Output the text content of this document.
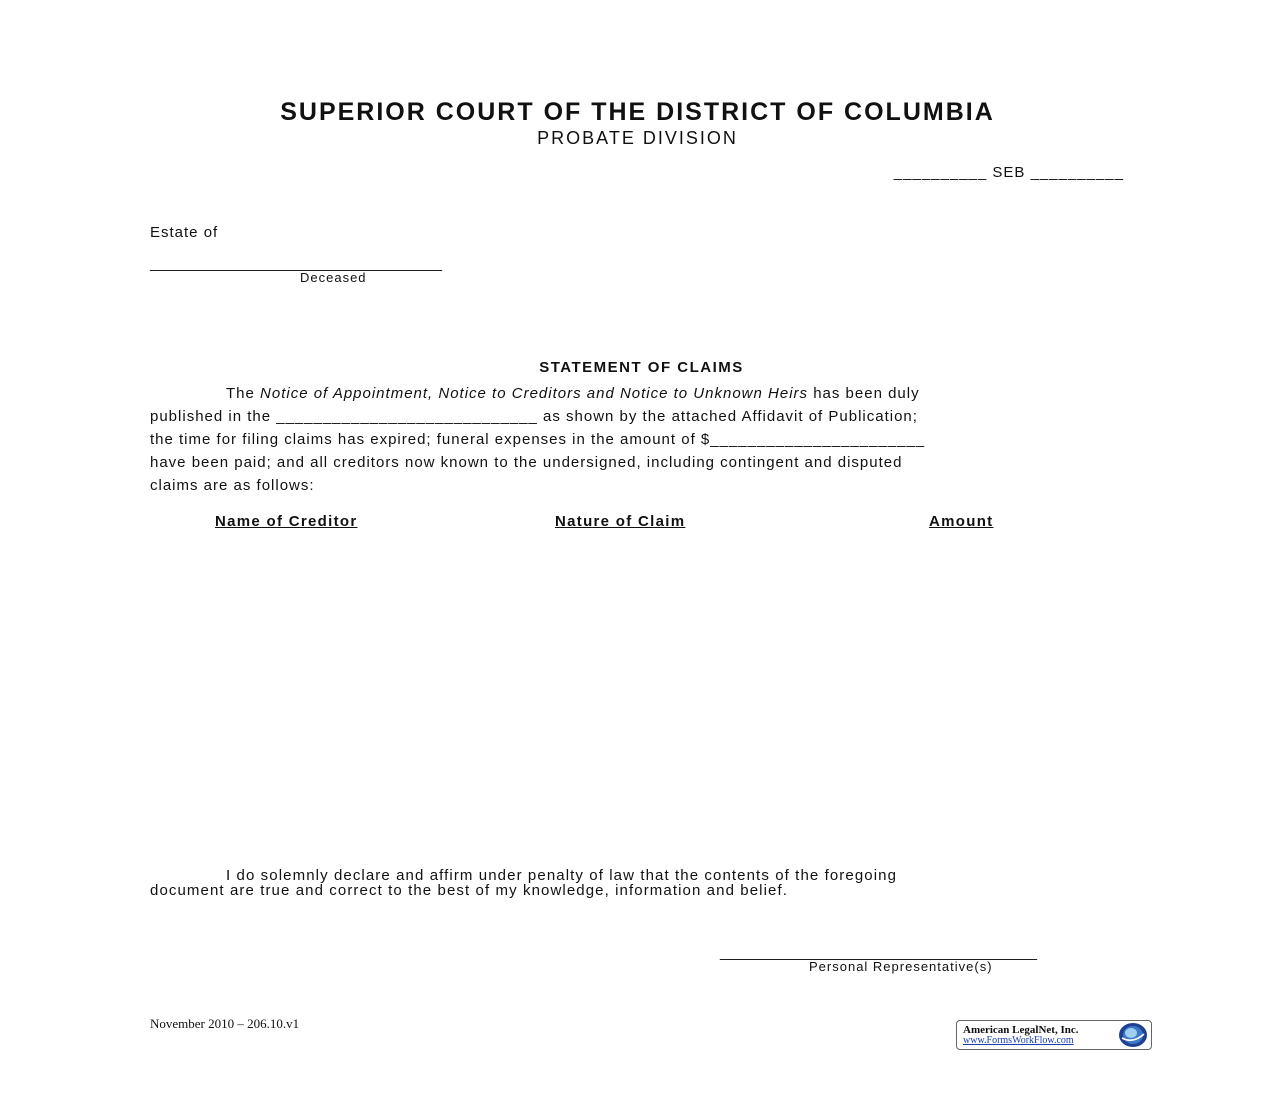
SUPERIOR COURT OF THE DISTRICT OF COLUMBIA
PROBATE DIVISION
__________ SEB __________
Estate of
___________________________________
Deceased
STATEMENT OF CLAIMS
The Notice of Appointment, Notice to Creditors and Notice to Unknown Heirs has been duly
published in the ____________________________ as shown by the attached Affidavit of Publication;
the time for filing claims has expired; funeral expenses in the amount of $_______________________
have been paid; and all creditors now known to the undersigned, including contingent and disputed
claims are as follows:
Name of Creditor	Nature of Claim	Amount
I do solemnly declare and affirm under penalty of law that the contents of the foregoing
document are true and correct to the best of my knowledge, information and belief.
______________________________________
Personal Representative(s)
November 2010 – 206.10.v1	American LegalNet, Inc.
www.FormsWorkFlow.com
